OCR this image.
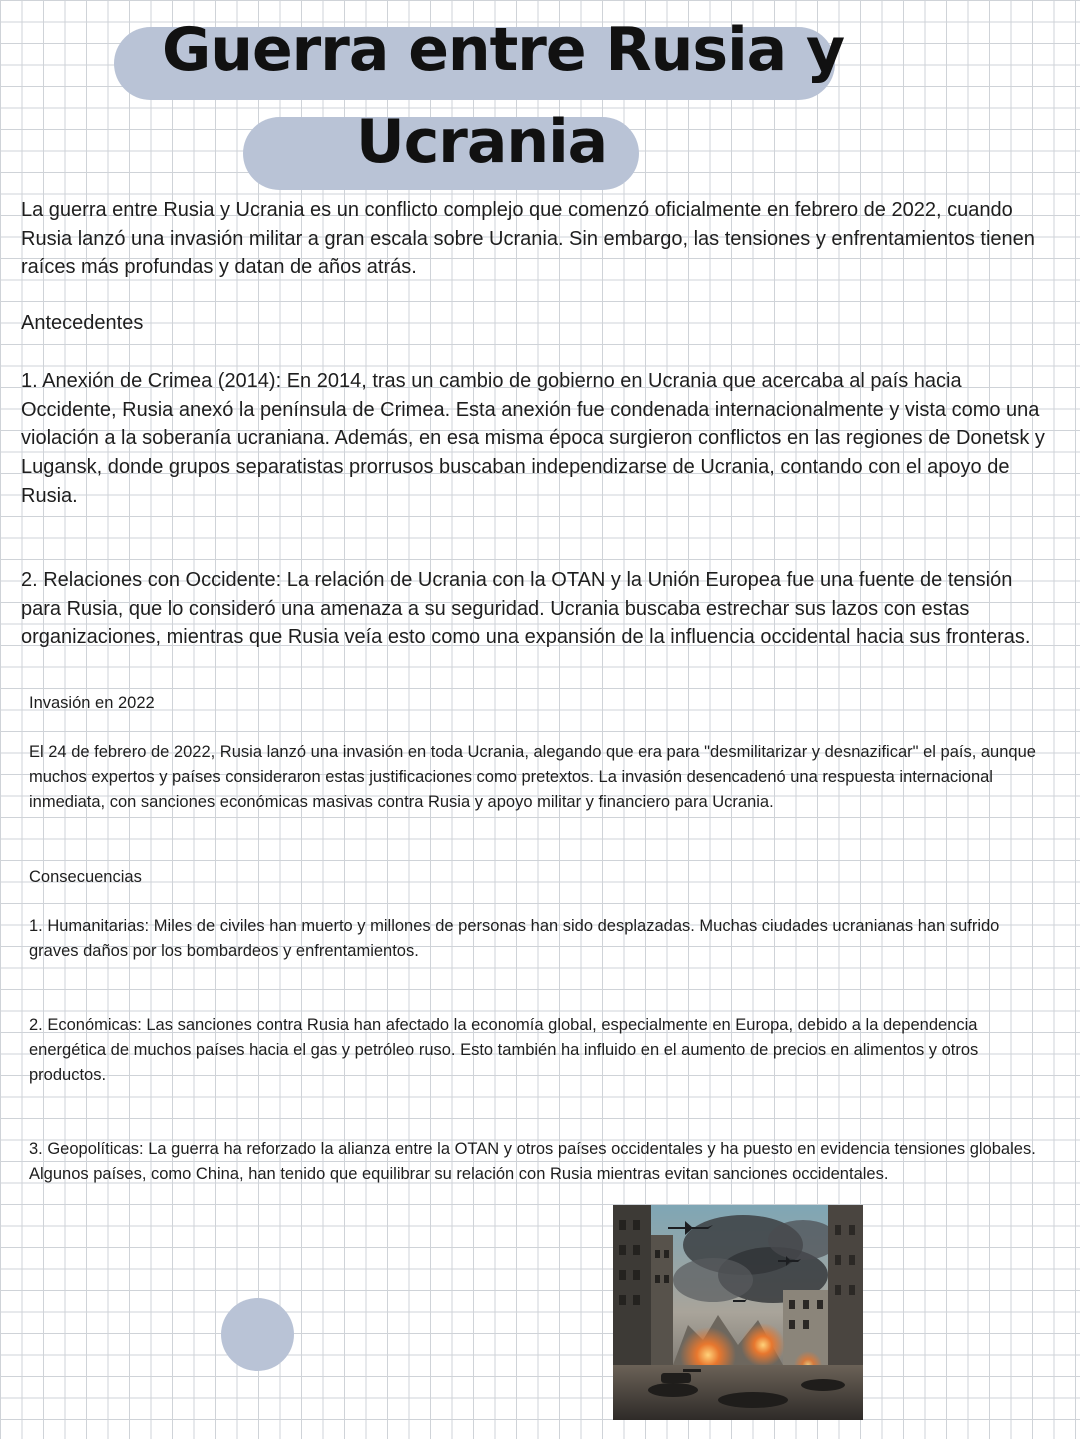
Guerra entre Rusia y
Ucrania

La guerra entre Rusia y Ucrania es un conflicto complejo que comenzó oficialmente en febrero de 2022, cuando Rusia lanzó una invasión militar a gran escala sobre Ucrania. Sin embargo, las tensiones y enfrentamientos tienen raíces más profundas y datan de años atrás.

Antecedentes

1. Anexión de Crimea (2014): En 2014, tras un cambio de gobierno en Ucrania que acercaba al país hacia Occidente, Rusia anexó la península de Crimea. Esta anexión fue condenada internacionalmente y vista como una violación a la soberanía ucraniana. Además, en esa misma época surgieron conflictos en las regiones de Donetsk y Lugansk, donde grupos separatistas prorrusos buscaban independizarse de Ucrania, contando con el apoyo de Rusia.

2. Relaciones con Occidente: La relación de Ucrania con la OTAN y la Unión Europea fue una fuente de tensión para Rusia, que lo consideró una amenaza a su seguridad. Ucrania buscaba estrechar sus lazos con estas organizaciones, mientras que Rusia veía esto como una expansión de la influencia occidental hacia sus fronteras.

Invasión en 2022

El 24 de febrero de 2022, Rusia lanzó una invasión en toda Ucrania, alegando que era para "desmilitarizar y desnazificar" el país, aunque muchos expertos y países consideraron estas justificaciones como pretextos. La invasión desencadenó una respuesta internacional inmediata, con sanciones económicas masivas contra Rusia y apoyo militar y financiero para Ucrania.

Consecuencias

1. Humanitarias: Miles de civiles han muerto y millones de personas han sido desplazadas. Muchas ciudades ucranianas han sufrido graves daños por los bombardeos y enfrentamientos.

2. Económicas: Las sanciones contra Rusia han afectado la economía global, especialmente en Europa, debido a la dependencia energética de muchos países hacia el gas y petróleo ruso. Esto también ha influido en el aumento de precios en alimentos y otros productos.

3. Geopolíticas: La guerra ha reforzado la alianza entre la OTAN y otros países occidentales y ha puesto en evidencia tensiones globales. Algunos países, como China, han tenido que equilibrar su relación con Rusia mientras evitan sanciones occidentales.
